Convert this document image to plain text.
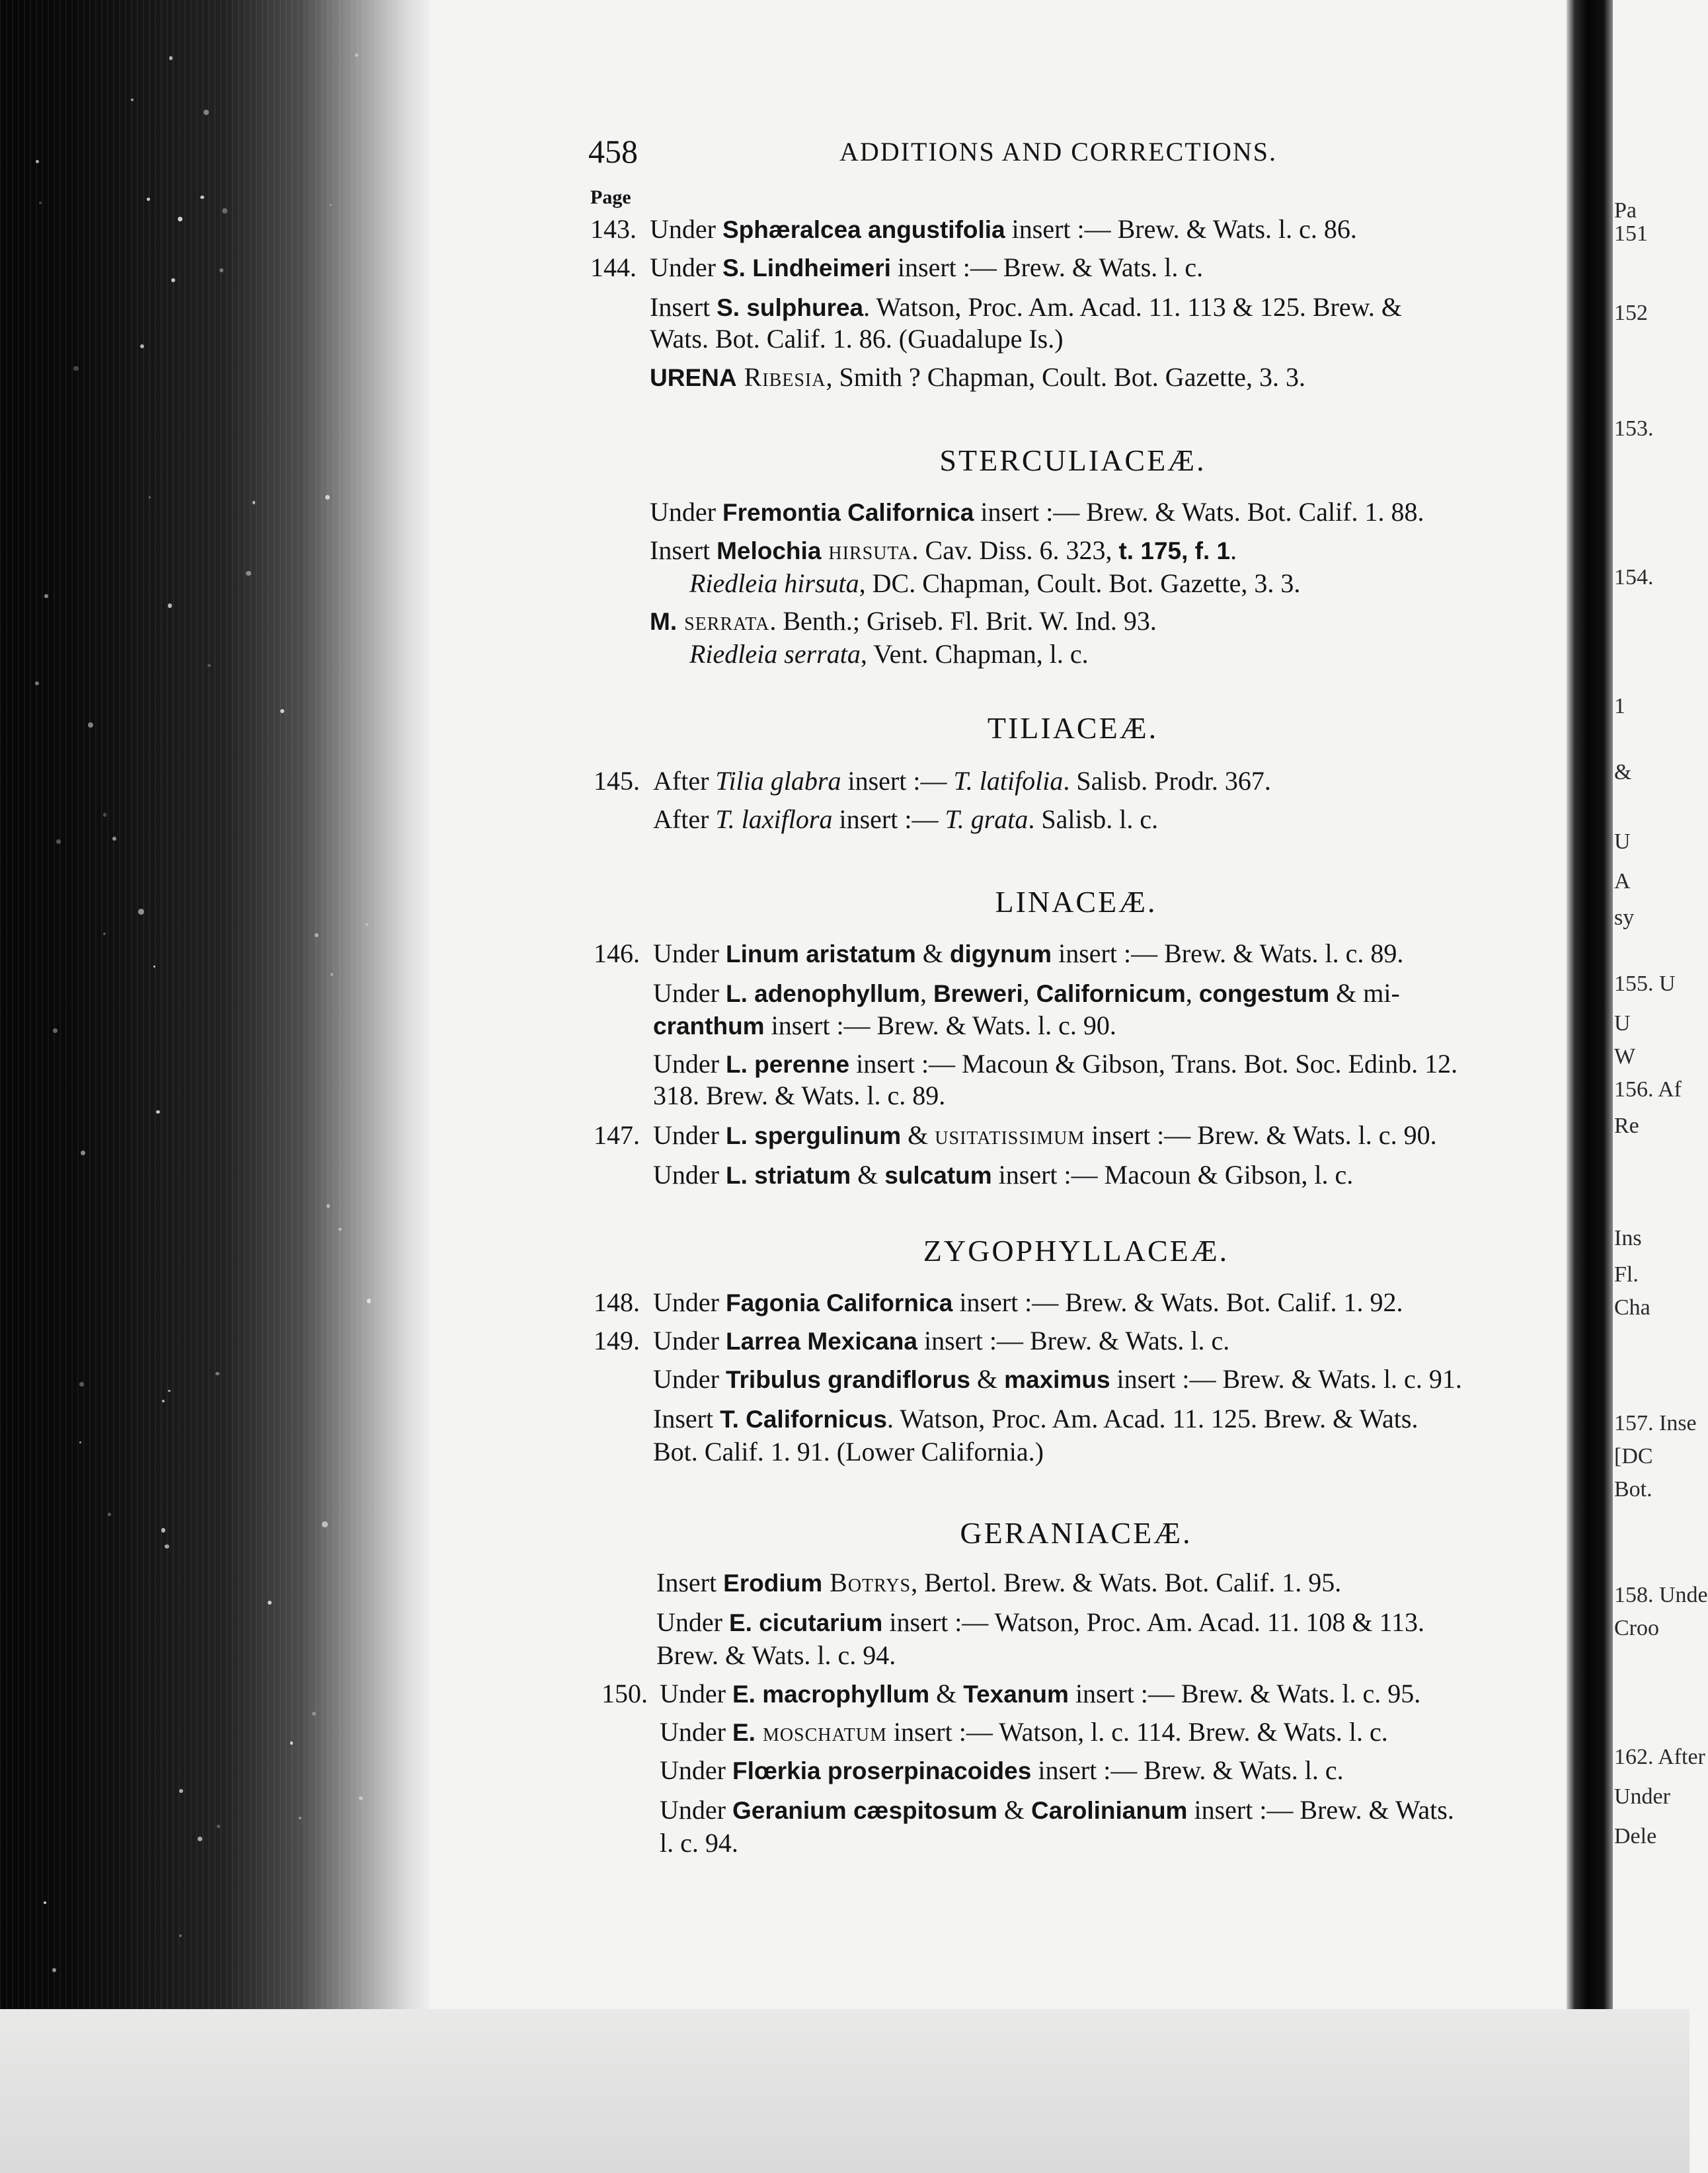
Pa
151
152
153.
154.
1
&
U
A
sy
155. U
U
W
156. Af
Re
Ins
Fl.
Cha
157. Inse
[DC
Bot.
158. Unde
Croo
162. After
Under
Dele
458	ADDITIONS AND CORRECTIONS.
Page
143. Under Sphæralcea angustifolia insert :— Brew. & Wats. l. c. 86.
144. Under S. Lindheimeri insert :— Brew. & Wats. l. c.
Insert S. sulphurea. Watson, Proc. Am. Acad. 11. 113 & 125. Brew. &
Wats. Bot. Calif. 1. 86. (Guadalupe Is.)
URENA Ribesia, Smith ? Chapman, Coult. Bot. Gazette, 3. 3.
STERCULIACEÆ.
Under Fremontia Californica insert :— Brew. & Wats. Bot. Calif. 1. 88.
Insert Melochia hirsuta. Cav. Diss. 6. 323, t. 175, f. 1.
Riedleia hirsuta, DC. Chapman, Coult. Bot. Gazette, 3. 3.
M. serrata. Benth.; Griseb. Fl. Brit. W. Ind. 93.
Riedleia serrata, Vent. Chapman, l. c.
TILIACEÆ.
145. After Tilia glabra insert :— T. latifolia. Salisb. Prodr. 367.
After T. laxiflora insert :— T. grata. Salisb. l. c.
LINACEÆ.
146. Under Linum aristatum & digynum insert :— Brew. & Wats. l. c. 89.
Under L. adenophyllum, Breweri, Californicum, congestum & mi-
cranthum insert :— Brew. & Wats. l. c. 90.
Under L. perenne insert :— Macoun & Gibson, Trans. Bot. Soc. Edinb. 12.
318. Brew. & Wats. l. c. 89.
147. Under L. spergulinum & usitatissimum insert :— Brew. & Wats. l. c. 90.
Under L. striatum & sulcatum insert :— Macoun & Gibson, l. c.
ZYGOPHYLLACEÆ.
148. Under Fagonia Californica insert :— Brew. & Wats. Bot. Calif. 1. 92.
149. Under Larrea Mexicana insert :— Brew. & Wats. l. c.
Under Tribulus grandiflorus & maximus insert :— Brew. & Wats. l. c. 91.
Insert T. Californicus. Watson, Proc. Am. Acad. 11. 125. Brew. & Wats.
Bot. Calif. 1. 91. (Lower California.)
GERANIACEÆ.
Insert Erodium Botrys, Bertol. Brew. & Wats. Bot. Calif. 1. 95.
Under E. cicutarium insert :— Watson, Proc. Am. Acad. 11. 108 & 113.
Brew. & Wats. l. c. 94.
150. Under E. macrophyllum & Texanum insert :— Brew. & Wats. l. c. 95.
Under E. moschatum insert :— Watson, l. c. 114. Brew. & Wats. l. c.
Under Flœrkia proserpinacoides insert :— Brew. & Wats. l. c.
Under Geranium cæspitosum & Carolinianum insert :— Brew. & Wats.
l. c. 94.
